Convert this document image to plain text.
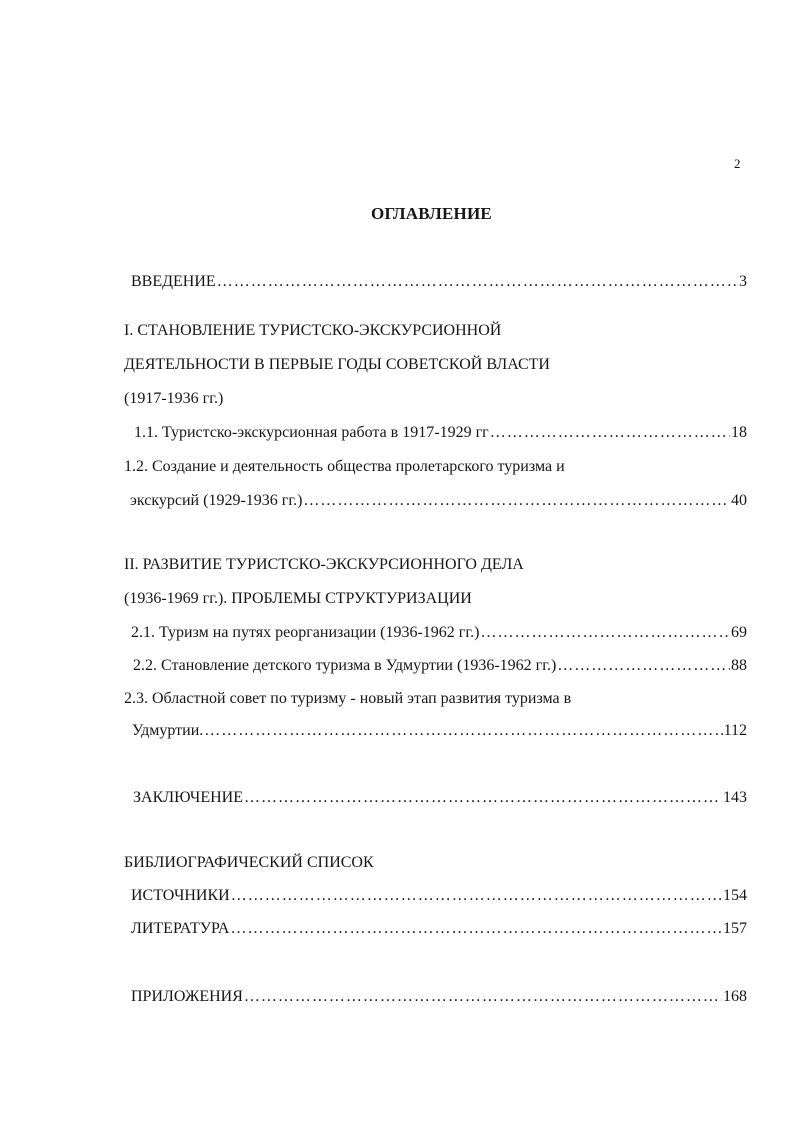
2
ОГЛАВЛЕНИЕ
ВВЕДЕНИЕ ……………………………………………………………………………………………………………………………………………………………………………………………………………………………………	3
I. СТАНОВЛЕНИЕ ТУРИСТСКО-ЭКСКУРСИОННОЙ
ДЕЯТЕЛЬНОСТИ В ПЕРВЫЕ ГОДЫ СОВЕТСКОЙ ВЛАСТИ
(1917-1936 гг.)
1.1. Туристско-экскурсионная работа в 1917-1929 гг ……………………………………………………………………………………………………………………………………………………………………………………………………………………………………	18
1.2. Создание и деятельность общества пролетарского туризма и
экскурсий (1929-1936 гг.) ……………………………………………………………………………………………………………………………………………………………………………………………………………………………………	40
II. РАЗВИТИЕ ТУРИСТСКО-ЭКСКУРСИОННОГО ДЕЛА
(1936-1969 гг.). ПРОБЛЕМЫ СТРУКТУРИЗАЦИИ
2.1. Туризм на путях реорганизации (1936-1962 гг.) ……………………………………………………………………………………………………………………………………………………………………………………………………………………………………	69
2.2. Становление детского туризма в Удмуртии (1936-1962 гг.) ……………………………………………………………………………………………………………………………………………………………………………………………………………………………………	88
2.3. Областной совет по туризму - новый этап развития туризма в
Удмуртии. ……………………………………………………………………………………………………………………………………………………………………………………………………………………………………	112
ЗАКЛЮЧЕНИЕ ……………………………………………………………………………………………………………………………………………………………………………………………………………………………………	143
БИБЛИОГРАФИЧЕСКИЙ СПИСОК
ИСТОЧНИКИ ……………………………………………………………………………………………………………………………………………………………………………………………………………………………………	154
ЛИТЕРАТУРА ……………………………………………………………………………………………………………………………………………………………………………………………………………………………………	157
ПРИЛОЖЕНИЯ ……………………………………………………………………………………………………………………………………………………………………………………………………………………………………	168
